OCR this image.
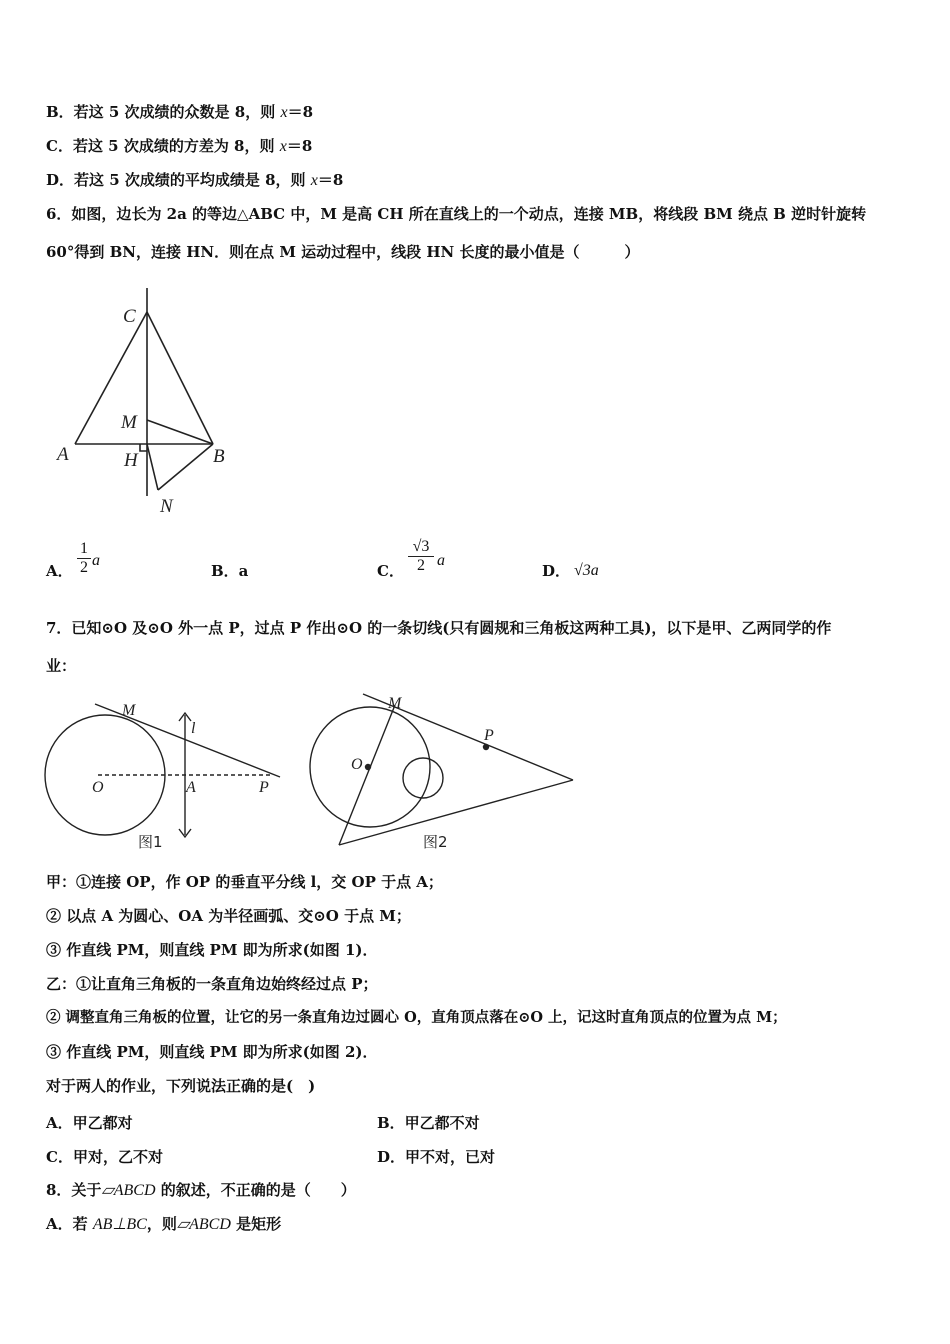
B．若这 5 次成绩的众数是 8，则 x＝8
C．若这 5 次成绩的方差为 8，则 x＝8
D．若这 5 次成绩的平均成绩是 8，则 x＝8
6．如图，边长为 2a 的等边△ABC 中，M 是高 CH 所在直线上的一个动点，连接 MB，将线段 BM 绕点 B 逆时针旋转
60°得到 BN，连接 HN．则在点 M 运动过程中，线段 HN 长度的最小值是（　　　）
C
M
A	H	B
N
A． $\frac{1}{2}$ a
B．a	C． $\frac{√3}{2}$ a
D． √3a
7．已知⊙O 及⊙O 外一点 P，过点 P 作出⊙O 的一条切线(只有圆规和三角板这两种工具)，以下是甲、乙两同学的作
业：
M
l
O	A	P
图1
M
P
O
图2
甲：①连接 OP，作 OP 的垂直平分线 l，交 OP 于点 A；
② 以点 A 为圆心、OA 为半径画弧、交⊙O 于点 M；
③ 作直线 PM，则直线 PM 即为所求(如图 1)．
乙：①让直角三角板的一条直角边始终经过点 P；
② 调整直角三角板的位置，让它的另一条直角边过圆心 O，直角顶点落在⊙O 上，记这时直角顶点的位置为点 M；
③ 作直线 PM，则直线 PM 即为所求(如图 2)．
对于两人的作业，下列说法正确的是(　)
A．甲乙都对	B．甲乙都不对
C．甲对，乙不对	D．甲不对，已对
8．关于▱ABCD 的叙述，不正确的是（　　）
A．若 AB⊥BC，则▱ABCD 是矩形
